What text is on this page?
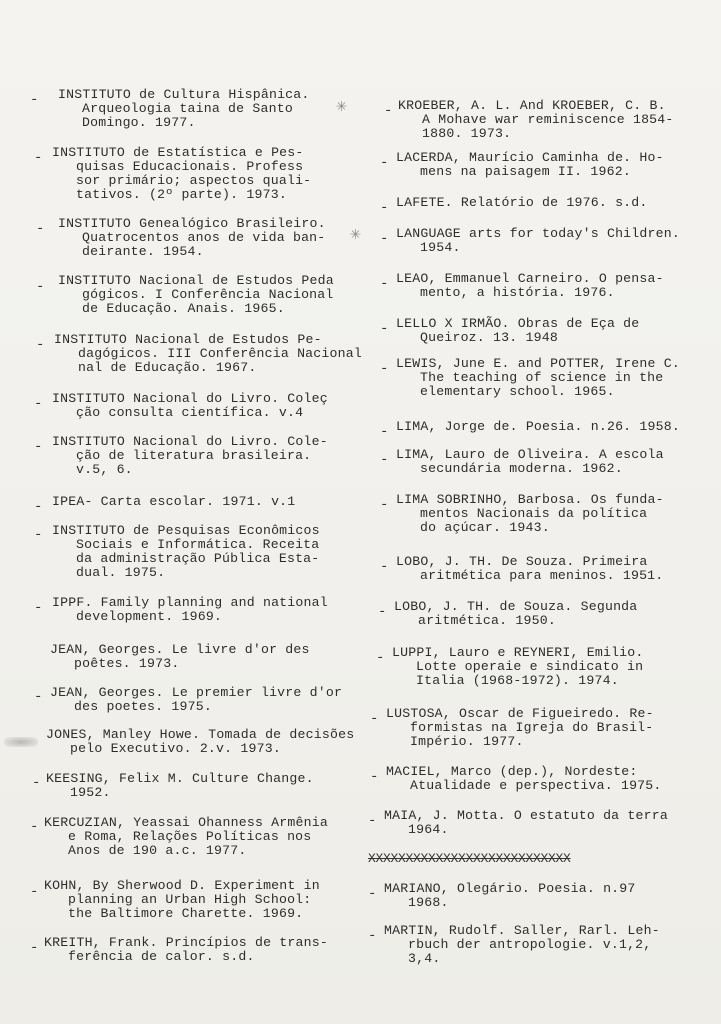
- INSTITUTO de Cultura Hispânica.
Arqueologia taina de Santo
Domingo. 1977.
- INSTITUTO de Estatística e Pes-
quisas Educacionais. Profess
sor primário; aspectos quali-
tativos. (2º parte). 1973.
- INSTITUTO Genealógico Brasileiro.
Quatrocentos anos de vida ban-
deirante. 1954.
- INSTITUTO Nacional de Estudos Peda
gógicos. I Conferência Nacional
de Educação. Anais. 1965.
- INSTITUTO Nacional de Estudos Pe-
dagógicos. III Conferência Nacional
nal de Educação. 1967.
- INSTITUTO Nacional do Livro. Coleç
ção consulta científica. v.4
- INSTITUTO Nacional do Livro. Cole-
ção de literatura brasileira.
v.5, 6.
- IPEA- Carta escolar. 1971. v.1
- INSTITUTO de Pesquisas Econômicos
Sociais e Informática. Receita
da administração Pública Esta-
dual. 1975.
- IPPF. Family planning and national
development. 1969.
JEAN, Georges. Le livre d'or des
poêtes. 1973.
- JEAN, Georges. Le premier livre d'or
des poetes. 1975.
JONES, Manley Howe. Tomada de decisões
pelo Executivo. 2.v. 1973.
- KEESING, Felix M. Culture Change.
1952.
- KERCUZIAN, Yeassai Ohanness Armênia
e Roma, Relações Políticas nos
Anos de 190 a.c. 1977.
- KOHN, By Sherwood D. Experiment in
planning an Urban High School:
the Baltimore Charette. 1969.
- KREITH, Frank. Princípios de trans-
ferência de calor. s.d.
✳
✳
- KROEBER, A. L. And KROEBER, C. B.
A Mohave war reminiscence 1854-
1880. 1973.
- LACERDA, Maurício Caminha de. Ho-
mens na paisagem II. 1962.
- LAFETE. Relatório de 1976. s.d.
- LANGUAGE arts for today's Children.
1954.
- LEAO, Emmanuel Carneiro. O pensa-
mento, a história. 1976.
- LELLO X IRMÃO. Obras de Eça de
Queiroz. 13. 1948
- LEWIS, June E. and POTTER, Irene C.
The teaching of science in the
elementary school. 1965.
- LIMA, Jorge de. Poesia. n.26. 1958.
- LIMA, Lauro de Oliveira. A escola
secundária moderna. 1962.
- LIMA SOBRINHO, Barbosa. Os funda-
mentos Nacionais da política
do açúcar. 1943.
- LOBO, J. TH. De Souza. Primeira
aritmética para meninos. 1951.
- LOBO, J. TH. de Souza. Segunda
aritmética. 1950.
- LUPPI, Lauro e REYNERI, Emilio.
Lotte operaie e sindicato in
Italia (1968-1972). 1974.
- LUSTOSA, Oscar de Figueiredo. Re-
formistas na Igreja do Brasil-
Império. 1977.
- MACIEL, Marco (dep.), Nordeste:
Atualidade e perspectiva. 1975.
- MAIA, J. Motta. O estatuto da terra
1964.
XXXXXXXXXXXXXXXXXXXXXXXXXXX
- MARIANO, Olegário. Poesia. n.97
1968.
- MARTIN, Rudolf. Saller, Rarl. Leh-
rbuch der antropologie. v.1,2,
3,4.
